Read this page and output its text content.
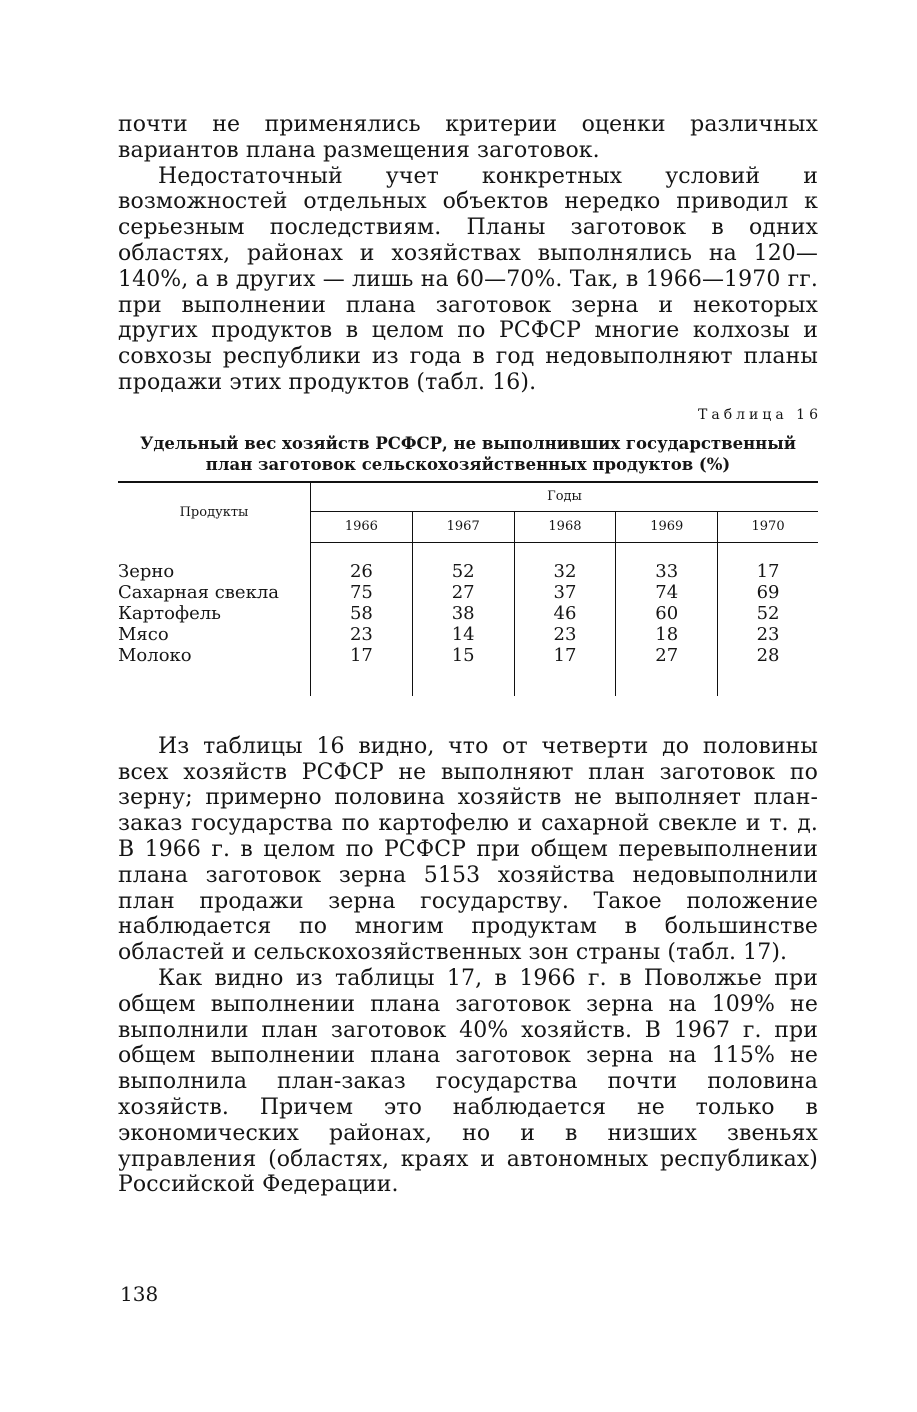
почти не применялись критерии оценки различных вариантов плана размещения заготовок.

Недостаточный учет конкретных условий и возможностей отдельных объектов нередко приводил к серьезным последствиям. Планы заготовок в одних областях, районах и хозяйствах выполнялись на 120—140%, а в других — лишь на 60—70%. Так, в 1966—1970 гг. при выполнении плана заготовок зерна и некоторых других продуктов в целом по РСФСР многие колхозы и совхозы республики из года в год недовыполняют планы продажи этих продуктов (табл. 16).

Таблица 16
Удельный вес хозяйств РСФСР, не выполнивших государственный
план заготовок сельскохозяйственных продуктов (%)
Продукты	Годы				
	1966	1967	1968	1969	1970

Зерно	26	52	32	33	17
Сахарная свекла	75	27	37	74	69
Картофель	58	38	46	60	52
Мясо	23	14	23	18	23
Молоко	17	15	17	27	28

Из таблицы 16 видно, что от четверти до половины всех хозяйств РСФСР не выполняют план заготовок по зерну; примерно половина хозяйств не выполняет план-заказ государства по картофелю и сахарной свекле и т. д. В 1966 г. в целом по РСФСР при общем перевыполнении плана заготовок зерна 5153 хозяйства недовыполнили план продажи зерна государству. Такое положение наблюдается по многим продуктам в большинстве областей и сельскохозяйственных зон страны (табл. 17).

Как видно из таблицы 17, в 1966 г. в Поволжье при общем выполнении плана заготовок зерна на 109% не выполнили план заготовок 40% хозяйств. В 1967 г. при общем выполнении плана заготовок зерна на 115% не выполнила план-заказ государства почти половина хозяйств. Причем это наблюдается не только в экономических районах, но и в низших звеньях управления (областях, краях и автономных республиках) Российской Федерации.

138
